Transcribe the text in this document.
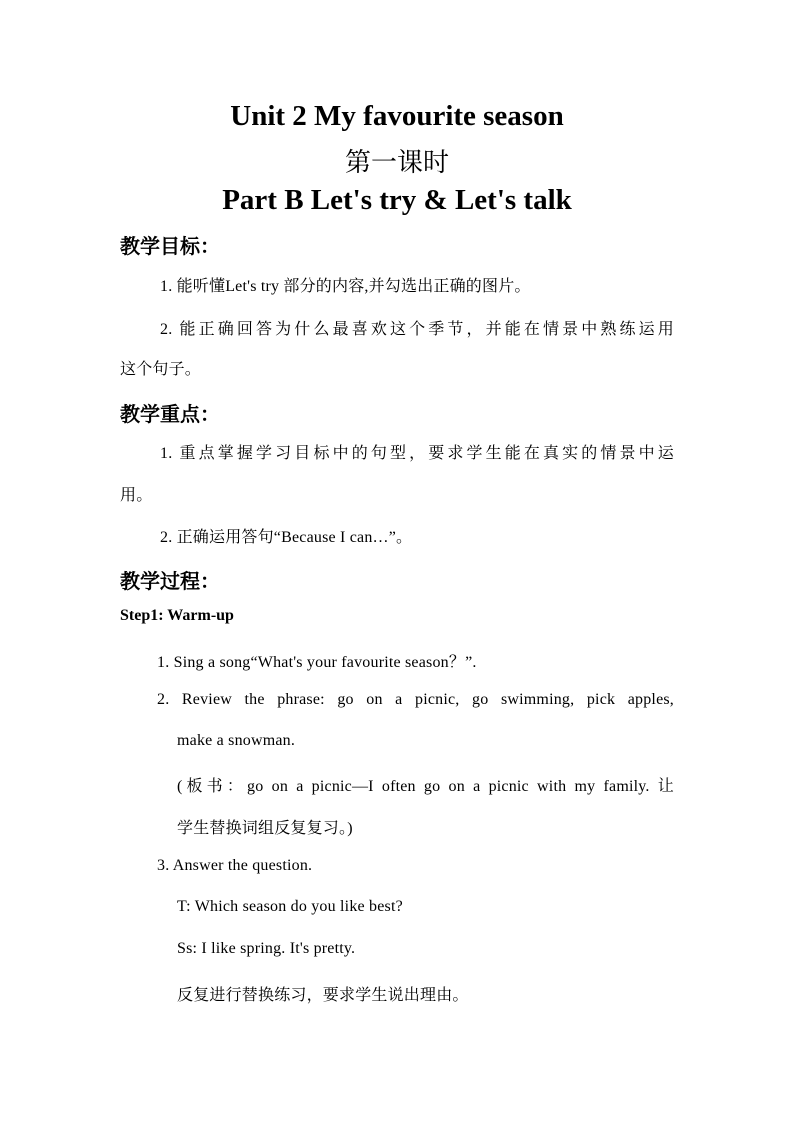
Unit 2 My favourite season
第一课时
Part B Let's try & Let's talk
教学目标：
1. 能听懂Let's try 部分的内容,并勾选出正确的图片。
2. 能正确回答为什么最喜欢这个季节，并能在情景中熟练运用
这个句子。
教学重点：
1. 重点掌握学习目标中的句型，要求学生能在真实的情景中运
用。
2. 正确运用答句“Because I can…”。
教学过程：
Step1: Warm-up
1. Sing a song“What's your favourite season？”.
2. Review the phrase: go on a picnic, go swimming, pick apples,
make a snowman.
(板书：go on a picnic—I often go on a picnic with my family. 让
学生替换词组反复复习。)
3. Answer the question.
T: Which season do you like best?
Ss: I like spring. It's pretty.
反复进行替换练习，要求学生说出理由。
